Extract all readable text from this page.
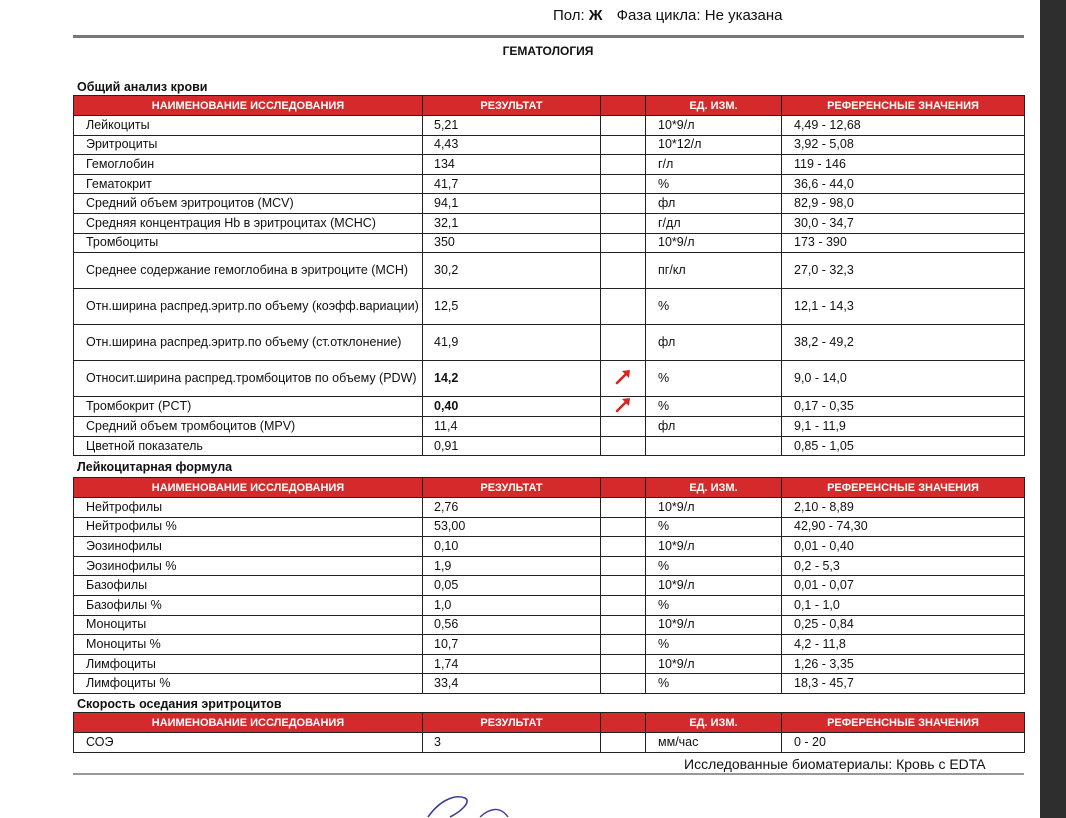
Пол: Ж Фаза цикла: Не указана
ГЕМАТОЛОГИЯ
Общий анализ крови
НАИМЕНОВАНИЕ ИССЛЕДОВАНИЯ	РЕЗУЛЬТАТ		ЕД. ИЗМ.	РЕФЕРЕНСНЫЕ ЗНАЧЕНИЯ
Лейкоциты	5,21		10*9/л	4,49 - 12,68
Эритроциты	4,43		10*12/л	3,92 - 5,08
Гемоглобин	134		г/л	119 - 146
Гематокрит	41,7		%	36,6 - 44,0
Средний объем эритроцитов (MCV)	94,1		фл	82,9 - 98,0
Средняя концентрация Hb в эритроцитах (MCHC)	32,1		г/дл	30,0 - 34,7
Тромбоциты	350		10*9/л	173 - 390
Среднее содержание гемоглобина в эритроците (MCH)	30,2		пг/кл	27,0 - 32,3
Отн.ширина распред.эритр.по объему (коэфф.вариации)	12,5		%	12,1 - 14,3
Отн.ширина распред.эритр.по объему (ст.отклонение)	41,9		фл	38,2 - 49,2
Относит.ширина распред.тромбоцитов по объему (PDW)	14,2		%	9,0 - 14,0
Тромбокрит (PCT)	0,40		%	0,17 - 0,35
Средний объем тромбоцитов (MPV)	11,4		фл	9,1 - 11,9
Цветной показатель	0,91			0,85 - 1,05
Лейкоцитарная формула
НАИМЕНОВАНИЕ ИССЛЕДОВАНИЯ	РЕЗУЛЬТАТ		ЕД. ИЗМ.	РЕФЕРЕНСНЫЕ ЗНАЧЕНИЯ
Нейтрофилы	2,76		10*9/л	2,10 - 8,89
Нейтрофилы %	53,00		%	42,90 - 74,30
Эозинофилы	0,10		10*9/л	0,01 - 0,40
Эозинофилы %	1,9		%	0,2 - 5,3
Базофилы	0,05		10*9/л	0,01 - 0,07
Базофилы %	1,0		%	0,1 - 1,0
Моноциты	0,56		10*9/л	0,25 - 0,84
Моноциты %	10,7		%	4,2 - 11,8
Лимфоциты	1,74		10*9/л	1,26 - 3,35
Лимфоциты %	33,4		%	18,3 - 45,7
Скорость оседания эритроцитов
НАИМЕНОВАНИЕ ИССЛЕДОВАНИЯ	РЕЗУЛЬТАТ		ЕД. ИЗМ.	РЕФЕРЕНСНЫЕ ЗНАЧЕНИЯ
СОЭ	3		мм/час	0 - 20
Исследованные биоматериалы: Кровь с EDTA
